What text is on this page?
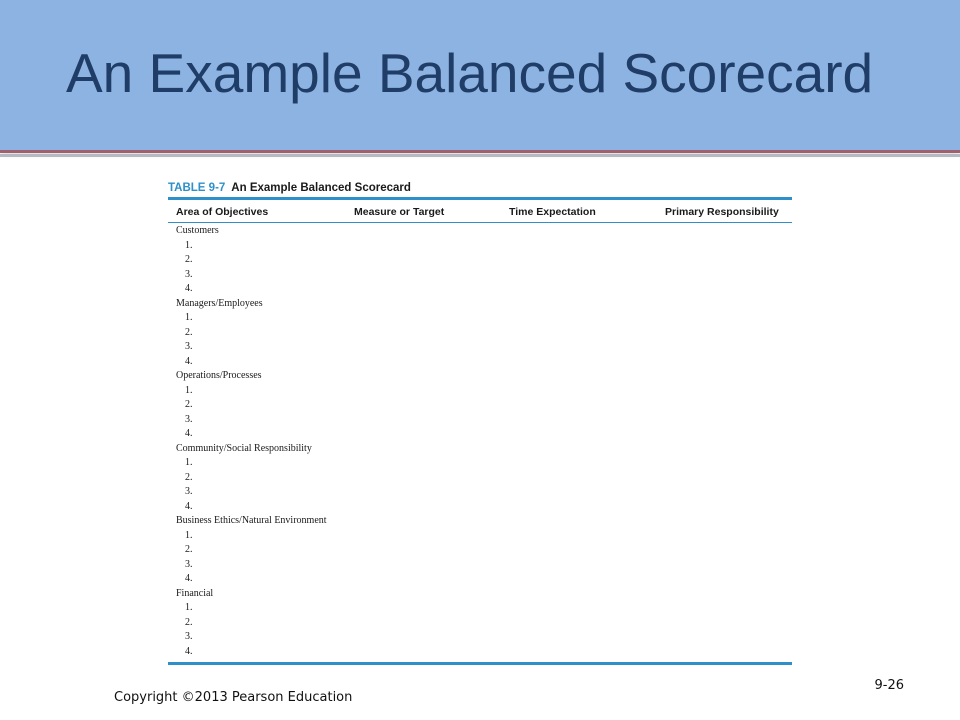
An Example Balanced Scorecard
TABLE 9-7 An Example Balanced Scorecard
Area of Objectives	Measure or Target	Time Expectation	Primary Responsibility
Customers
1.
2.
3.
4.
Managers/Employees
1.
2.
3.
4.
Operations/Processes
1.
2.
3.
4.
Community/Social Responsibility
1.
2.
3.
4.
Business Ethics/Natural Environment
1.
2.
3.
4.
Financial
1.
2.
3.
4.
Copyright ©2013 Pearson Education
9-26
